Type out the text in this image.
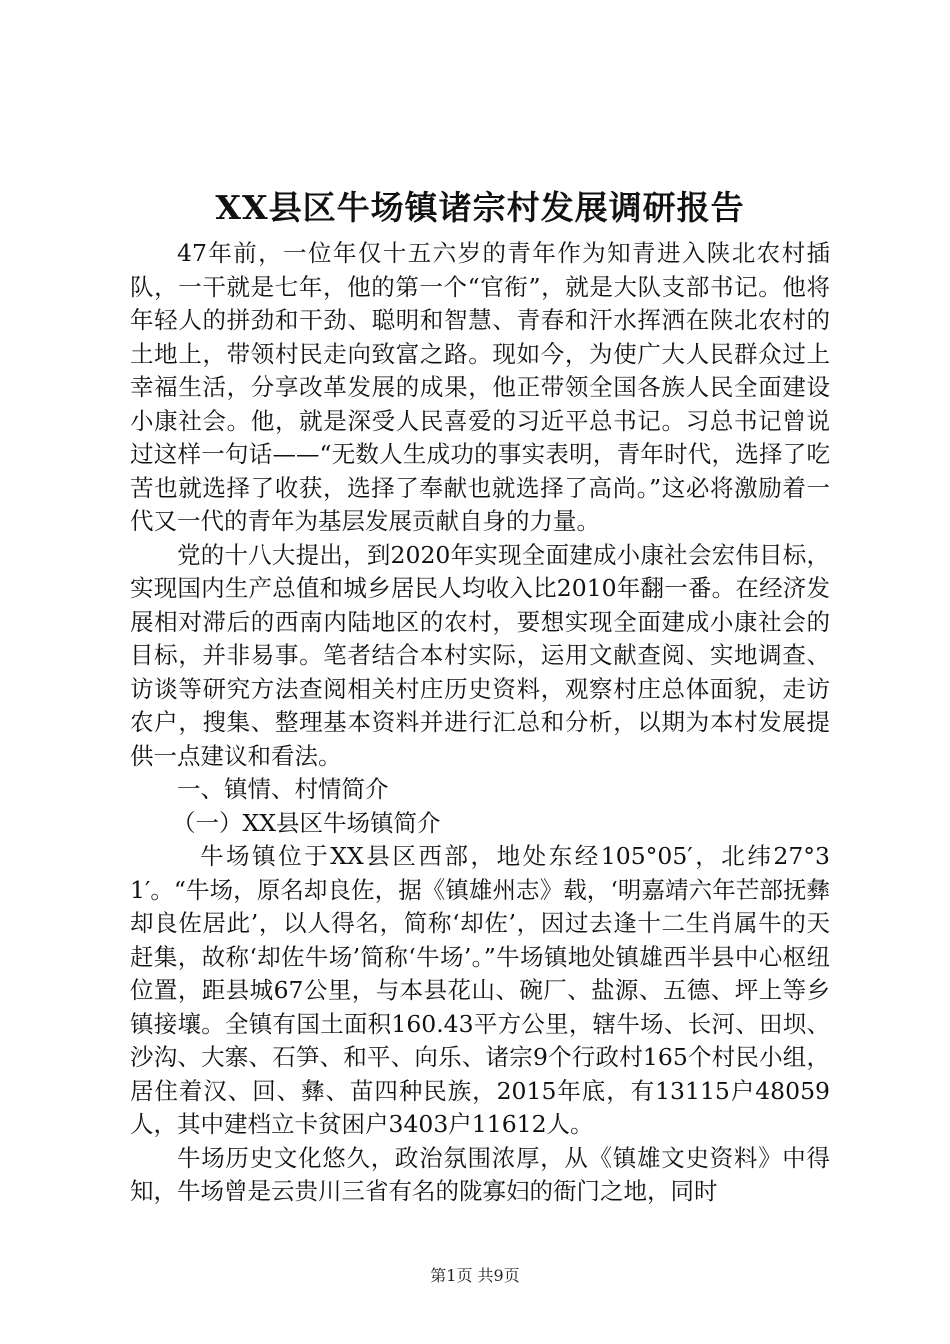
XX县区牛场镇诸宗村发展调研报告

47年前，一位年仅十五六岁的青年作为知青进入陕北农村插队，一干就是七年，他的第一个“官衔”，就是大队支部书记。他将年轻人的拼劲和干劲、聪明和智慧、青春和汗水挥洒在陕北农村的土地上，带领村民走向致富之路。现如今，为使广大人民群众过上幸福生活，分享改革发展的成果，他正带领全国各族人民全面建设小康社会。他，就是深受人民喜爱的习近平总书记。习总书记曾说过这样一句话——“无数人生成功的事实表明，青年时代，选择了吃苦也就选择了收获，选择了奉献也就选择了高尚。”这必将激励着一代又一代的青年为基层发展贡献自身的力量。

党的十八大提出，到2020年实现全面建成小康社会宏伟目标，实现国内生产总值和城乡居民人均收入比2010年翻一番。在经济发展相对滞后的西南内陆地区的农村，要想实现全面建成小康社会的目标，并非易事。笔者结合本村实际，运用文献查阅、实地调查、访谈等研究方法查阅相关村庄历史资料，观察村庄总体面貌，走访农户，搜集、整理基本资料并进行汇总和分析，以期为本村发展提供一点建议和看法。

一、镇情、村情简介

（一）XX县区牛场镇简介

牛场镇位于XX县区西部，地处东经105°05′，北纬27°31′。“牛场，原名却良佐，据《镇雄州志》载，‘明嘉靖六年芒部抚彝却良佐居此’，以人得名，简称‘却佐’，因过去逢十二生肖属牛的天赶集，故称‘却佐牛场’简称‘牛场’。”牛场镇地处镇雄西半县中心枢纽位置，距县城67公里，与本县花山、碗厂、盐源、五德、坪上等乡镇接壤。全镇有国土面积160.43平方公里，辖牛场、长河、田坝、沙沟、大寨、石笋、和平、向乐、诸宗9个行政村165个村民小组，居住着汉、回、彝、苗四种民族，2015年底，有13115户48059人，其中建档立卡贫困户3403户11612人。

牛场历史文化悠久，政治氛围浓厚，从《镇雄文史资料》中得知，牛场曾是云贵川三省有名的陇寡妇的衙门之地，同时

第1页 共9页
